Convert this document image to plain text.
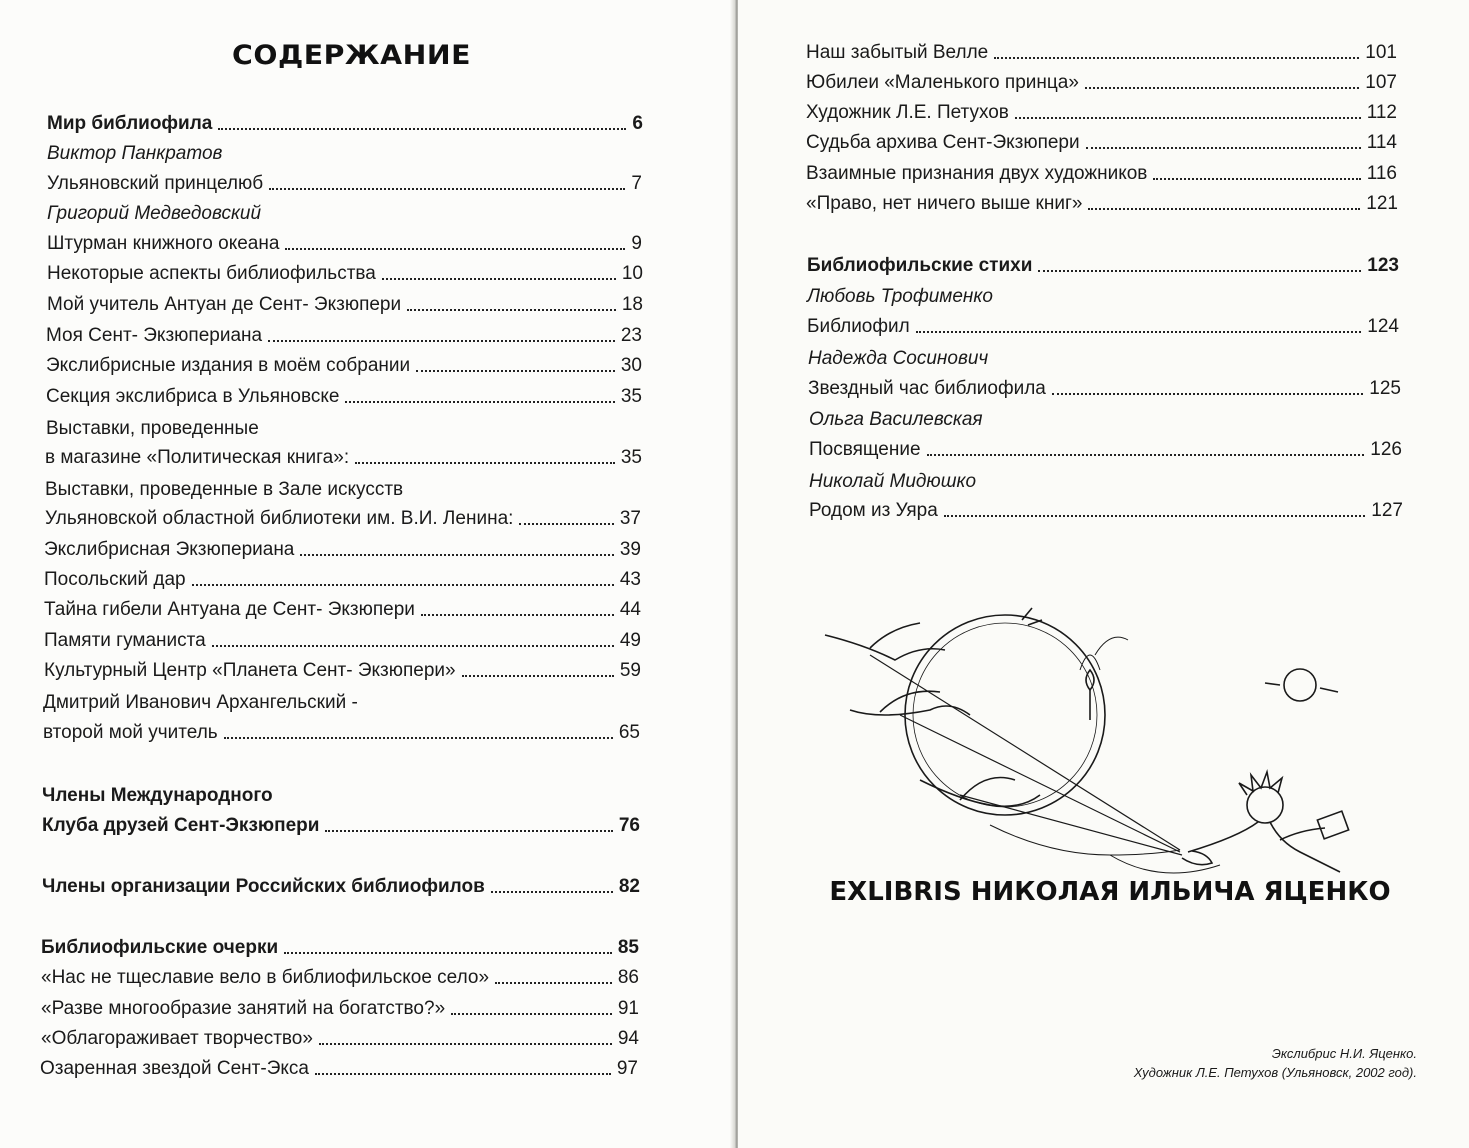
СОДЕРЖАНИЕ
Мир библиофила	6
Виктор Панкратов
Ульяновский принцелюб	7
Григорий Медведовский
Штурман книжного океана	9
Некоторые аспекты библиофильства	10
Мой учитель Антуан де Сент- Экзюпери	18
Моя Сент- Экзюпериана	23
Экслибрисные издания в моём собрании	30
Секция экслибриса в Ульяновске	35
Выставки, проведенные
в магазине «Политическая книга»:	35
Выставки, проведенные в Зале искусств
Ульяновской областной библиотеки им. В.И. Ленина:	37
Экслибрисная Экзюпериана	39
Посольский дар	43
Тайна гибели Антуана де Сент- Экзюпери	44
Памяти гуманиста	49
Культурный Центр «Планета Сент- Экзюпери»	59
Дмитрий Иванович Архангельский -
второй мой учитель	65
Члены Международного
Клуба друзей Сент-Экзюпери	76
Члены организации Российских библиофилов	82
Библиофильские очерки	85
«Нас не тщеславие вело в библиофильское село»	86
«Разве многообразие занятий на богатство?»	91
«Облагораживает творчество»	94
Озаренная звездой Сент-Экса	97
Наш забытый Велле	101
Юбилеи «Маленького принца»	107
Художник Л.Е. Петухов	112
Судьба архива Сент-Экзюпери	114
Взаимные признания двух художников	116
«Право, нет ничего выше книг»	121
Библиофильские стихи	123
Любовь Трофименко
Библиофил	124
Надежда Сосинович
Звездный час библиофила	125
Ольга Василевская
Посвящение	126
Николай Мидюшко
Родом из Уяра	127
EXLIBRIS НИКОЛАЯ ИЛЬИЧА ЯЦЕНКО
Экслибрис Н.И. Яценко.
Художник Л.Е. Петухов (Ульяновск, 2002 год).
